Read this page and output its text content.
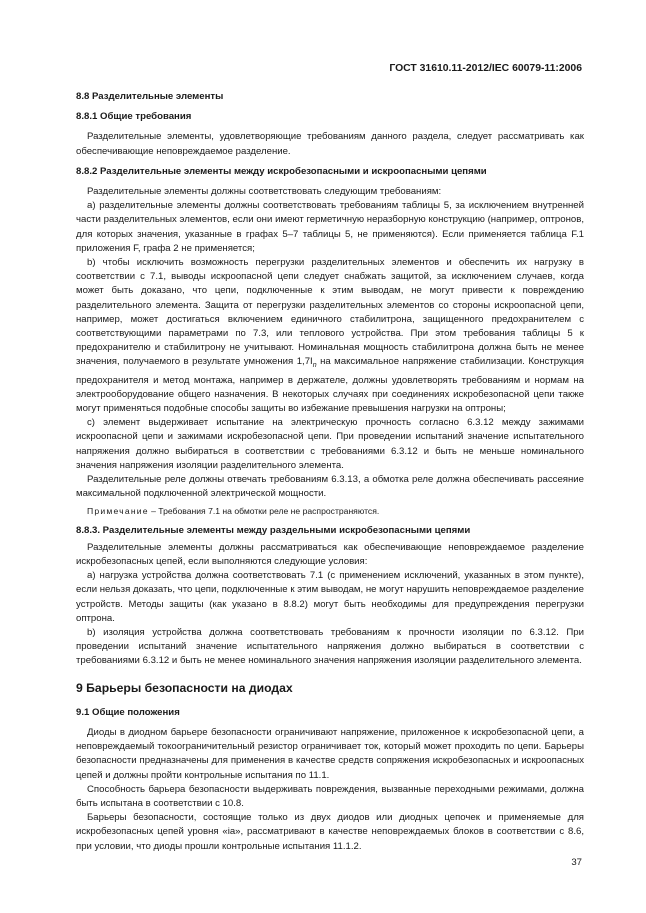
ГОСТ 31610.11-2012/IEC 60079-11:2006

8.8 Разделительные элементы

8.8.1 Общие требования

Разделительные элементы, удовлетворяющие требованиям данного раздела, следует рассматривать как обеспечивающие неповреждаемое разделение.

8.8.2 Разделительные элементы между искробезопасными и искроопасными цепями

Разделительные элементы должны соответствовать следующим требованиям:

а) разделительные элементы должны соответствовать требованиям таблицы 5, за исключением внутренней части разделительных элементов, если они имеют герметичную неразборную конструкцию (например, оптронов, для которых значения, указанные в графах 5–7 таблицы 5, не применяются). Если применяется таблица F.1 приложения F, графа 2 не применяется;

b) чтобы исключить возможность перегрузки разделительных элементов и обеспечить их нагрузку в соответствии с 7.1, выводы искроопасной цепи следует снабжать защитой, за исключением случаев, когда может быть доказано, что цепи, подключенные к этим выводам, не могут привести к повреждению разделительного элемента. Защита от перегрузки разделительных элементов со стороны искроопасной цепи, например, может достигаться включением единичного стабилитрона, защищенного предохранителем с соответствующими параметрами по 7.3, или теплового устройства. При этом требования таблицы 5 к предохранителю и стабилитрону не учитывают. Номинальная мощность стабилитрона должна быть не менее значения, получаемого в результате умножения $1,7I_n$ на максимальное напряжение стабилизации. Конструкция предохранителя и метод монтажа, например в держателе, должны удовлетворять требованиям и нормам на электрооборудование общего назначения. В некоторых случаях при соединениях искробезопасной цепи также могут применяться подобные способы защиты во избежание превышения нагрузки на оптроны;

c) элемент выдерживает испытание на электрическую прочность согласно 6.3.12 между зажимами искроопасной цепи и зажимами искробезопасной цепи. При проведении испытаний значение испытательного напряжения должно выбираться в соответствии с требованиями 6.3.12 и быть не меньше номинального значения напряжения изоляции разделительного элемента.

Разделительные реле должны отвечать требованиям 6.3.13, а обмотка реле должна обеспечивать рассеяние максимальной подключенной электрической мощности.

Примечание – Требования 7.1 на обмотки реле не распространяются.

8.8.3. Разделительные элементы между раздельными искробезопасными цепями

Разделительные элементы должны рассматриваться как обеспечивающие неповреждаемое разделение искробезопасных цепей, если выполняются следующие условия:

а) нагрузка устройства должна соответствовать 7.1 (с применением исключений, указанных в этом пункте), если нельзя доказать, что цепи, подключенные к этим выводам, не могут нарушить неповреждаемое разделение устройств. Методы защиты (как указано в 8.8.2) могут быть необходимы для предупреждения перегрузки оптрона.

b) изоляция устройства должна соответствовать требованиям к прочности изоляции по 6.3.12. При проведении испытаний значение испытательного напряжения должно выбираться в соответствии с требованиями 6.3.12 и быть не менее номинального значения напряжения изоляции разделительного элемента.

9 Барьеры безопасности на диодах

9.1 Общие положения

Диоды в диодном барьере безопасности ограничивают напряжение, приложенное к искробезопасной цепи, а неповреждаемый токоограничительный резистор ограничивает ток, который может проходить по цепи. Барьеры безопасности предназначены для применения в качестве средств сопряжения искробезопасных и искроопасных цепей и должны пройти контрольные испытания по 11.1.

Способность барьера безопасности выдерживать повреждения, вызванные переходными режимами, должна быть испытана в соответствии с 10.8.

Барьеры безопасности, состоящие только из двух диодов или диодных цепочек и применяемые для искробезопасных цепей уровня «ia», рассматривают в качестве неповреждаемых блоков в соответствии с 8.6, при условии, что диоды прошли контрольные испытания 11.1.2.

37
